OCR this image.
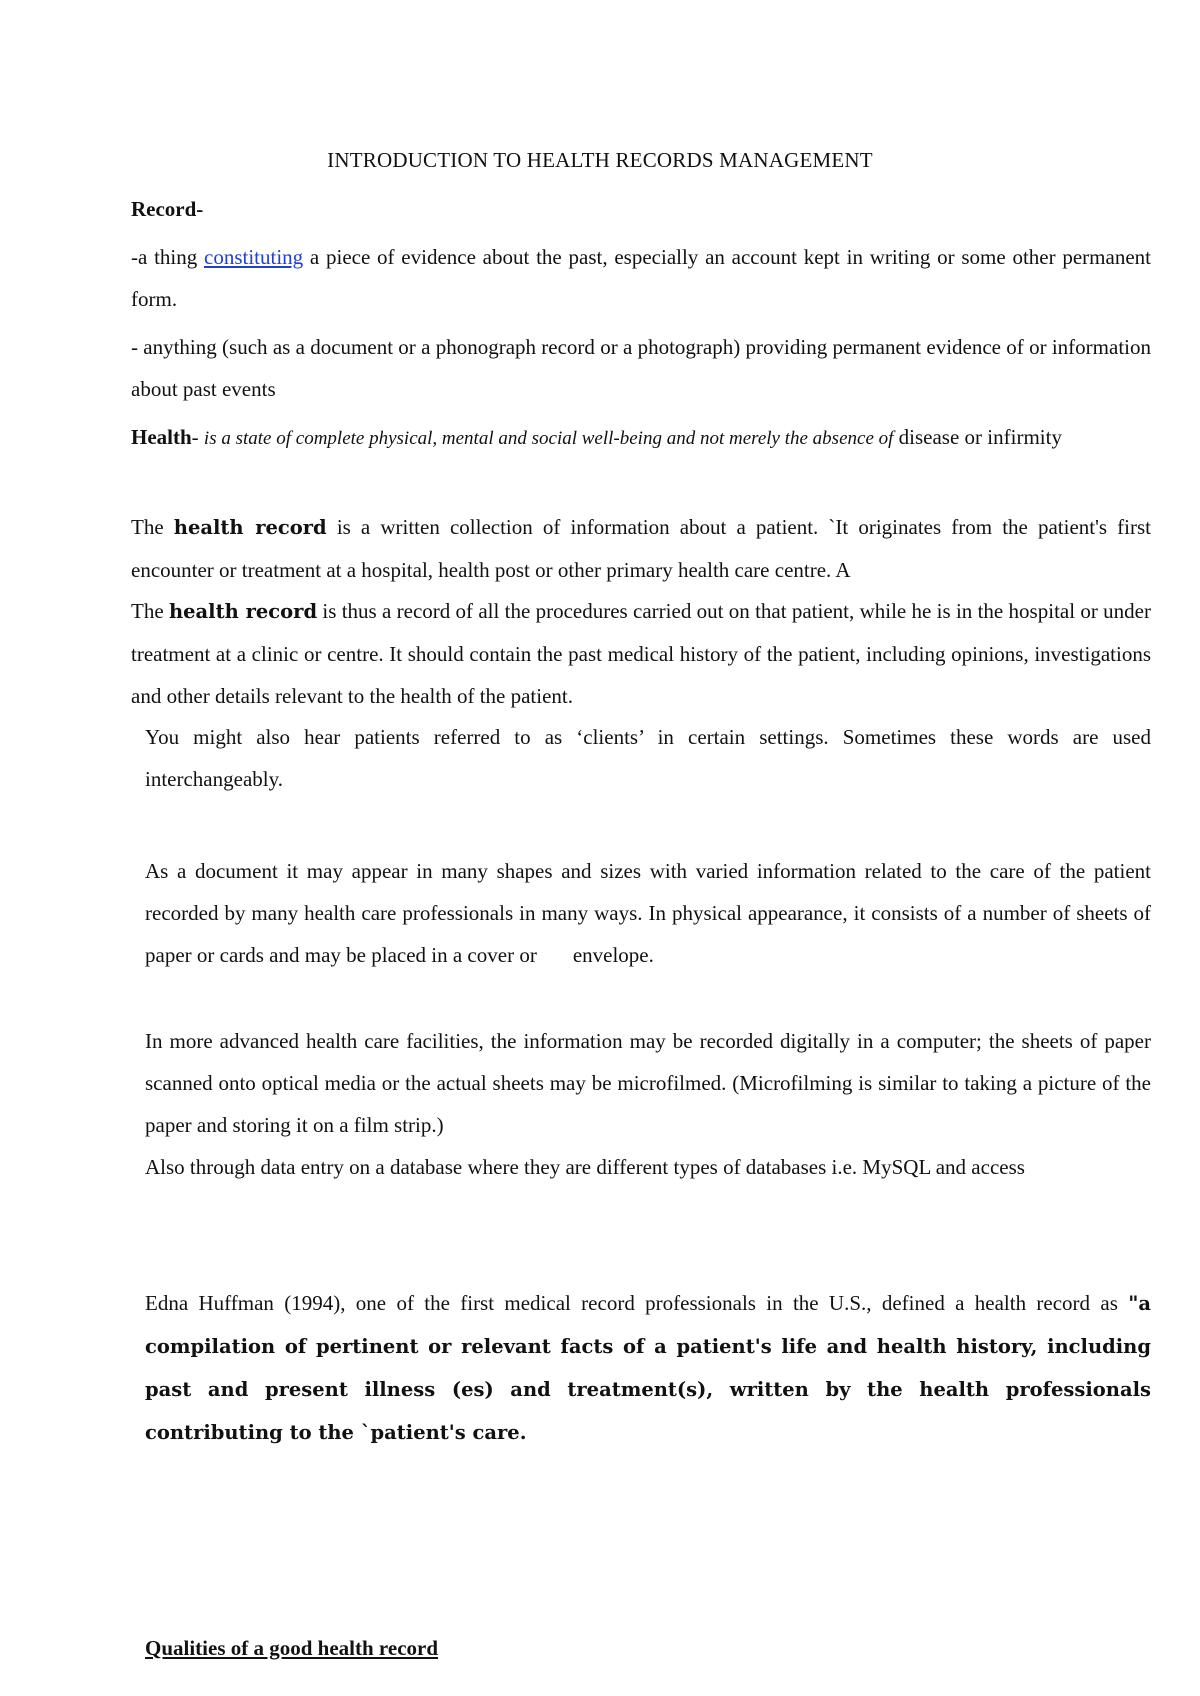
INTRODUCTION TO HEALTH RECORDS MANAGEMENT

Record-

-a thing constituting a piece of evidence about the past, especially an account kept in writing or some other permanent form.

- anything (such as a document or a phonograph record or a photograph) providing permanent evidence of or information about past events

Health- is a state of complete physical, mental and social well-being and not merely the absence of disease or infirmity

The health record is a written collection of information about a patient. `It originates from the patient's first encounter or treatment at a hospital, health post or other primary health care centre. A

The health record is thus a record of all the procedures carried out on that patient, while he is in the hospital or under treatment at a clinic or centre. It should contain the past medical history of the patient, including opinions, investigations and other details relevant to the health of the patient.

You might also hear patients referred to as ‘clients’ in certain settings. Sometimes these words are used interchangeably.

As a document it may appear in many shapes and sizes with varied information related to the care of the patient recorded by many health care professionals in many ways. In physical appearance, it consists of a number of sheets of paper or cards and may be placed in a cover or envelope.

In more advanced health care facilities, the information may be recorded digitally in a computer; the sheets of paper scanned onto optical media or the actual sheets may be microfilmed. (Microfilming is similar to taking a picture of the paper and storing it on a film strip.)

Also through data entry on a database where they are different types of databases i.e. MySQL and access

Edna Huffman (1994), one of the first medical record professionals in the U.S., defined a health record as "a compilation of pertinent or relevant facts of a patient's life and health history, including past and present illness (es) and treatment(s), written by the health professionals contributing to the `patient's care.

Qualities of a good health record
